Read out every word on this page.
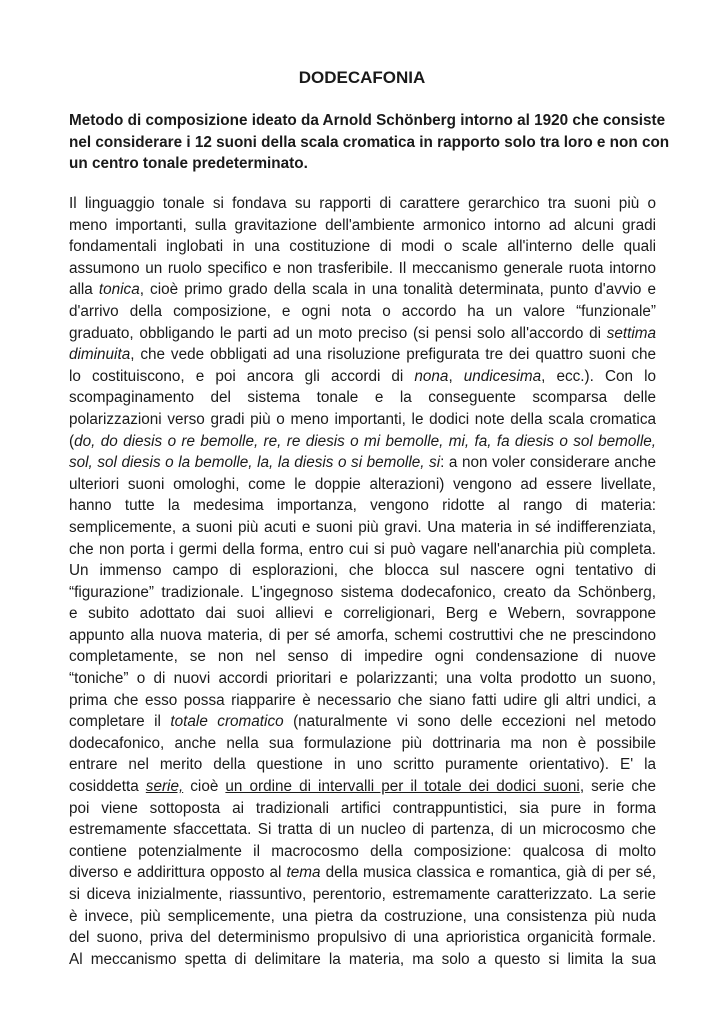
DODECAFONIA
Metodo di composizione ideato da Arnold Schönberg intorno al 1920 che consiste
nel considerare i 12 suoni della scala cromatica in rapporto solo tra loro e non con
un centro tonale predeterminato.
Il linguaggio tonale si fondava su rapporti di carattere gerarchico tra suoni più o
meno importanti, sulla gravitazione dell'ambiente armonico intorno ad alcuni gradi
fondamentali inglobati in una costituzione di modi o scale all'interno delle quali
assumono un ruolo specifico e non trasferibile. Il meccanismo generale ruota intorno
alla tonica, cioè primo grado della scala in una tonalità determinata, punto d'avvio e
d'arrivo della composizione, e ogni nota o accordo ha un valore “funzionale”
graduato, obbligando le parti ad un moto preciso (si pensi solo all'accordo di settima
diminuita, che vede obbligati ad una risoluzione prefigurata tre dei quattro suoni che
lo costituiscono, e poi ancora gli accordi di nona, undicesima, ecc.). Con lo
scompaginamento del sistema tonale e la conseguente scomparsa delle
polarizzazioni verso gradi più o meno importanti, le dodici note della scala cromatica
(do, do diesis o re bemolle, re, re diesis o mi bemolle, mi, fa, fa diesis o sol bemolle,
sol, sol diesis o la bemolle, la, la diesis o si bemolle, si: a non voler considerare anche
ulteriori suoni omologhi, come le doppie alterazioni) vengono ad essere livellate,
hanno tutte la medesima importanza, vengono ridotte al rango di materia:
semplicemente, a suoni più acuti e suoni più gravi. Una materia in sé indifferenziata,
che non porta i germi della forma, entro cui si può vagare nell'anarchia più completa.
Un immenso campo di esplorazioni, che blocca sul nascere ogni tentativo di
“figurazione” tradizionale. L'ingegnoso sistema dodecafonico, creato da Schönberg,
e subito adottato dai suoi allievi e correligionari, Berg e Webern, sovrappone
appunto alla nuova materia, di per sé amorfa, schemi costruttivi che ne prescindono
completamente, se non nel senso di impedire ogni condensazione di nuove
“toniche” o di nuovi accordi prioritari e polarizzanti; una volta prodotto un suono,
prima che esso possa riapparire è necessario che siano fatti udire gli altri undici, a
completare il totale cromatico (naturalmente vi sono delle eccezioni nel metodo
dodecafonico, anche nella sua formulazione più dottrinaria ma non è possibile
entrare nel merito della questione in uno scritto puramente orientativo). E' la
cosiddetta serie, cioè un ordine di intervalli per il totale dei dodici suoni, serie che
poi viene sottoposta ai tradizionali artifici contrappuntistici, sia pure in forma
estremamente sfaccettata. Si tratta di un nucleo di partenza, di un microcosmo che
contiene potenzialmente il macrocosmo della composizione: qualcosa di molto
diverso e addirittura opposto al tema della musica classica e romantica, già di per sé,
si diceva inizialmente, riassuntivo, perentorio, estremamente caratterizzato. La serie
è invece, più semplicemente, una pietra da costruzione, una consistenza più nuda
del suono, priva del determinismo propulsivo di una aprioristica organicità formale.
Al meccanismo spetta di delimitare la materia, ma solo a questo si limita la sua
